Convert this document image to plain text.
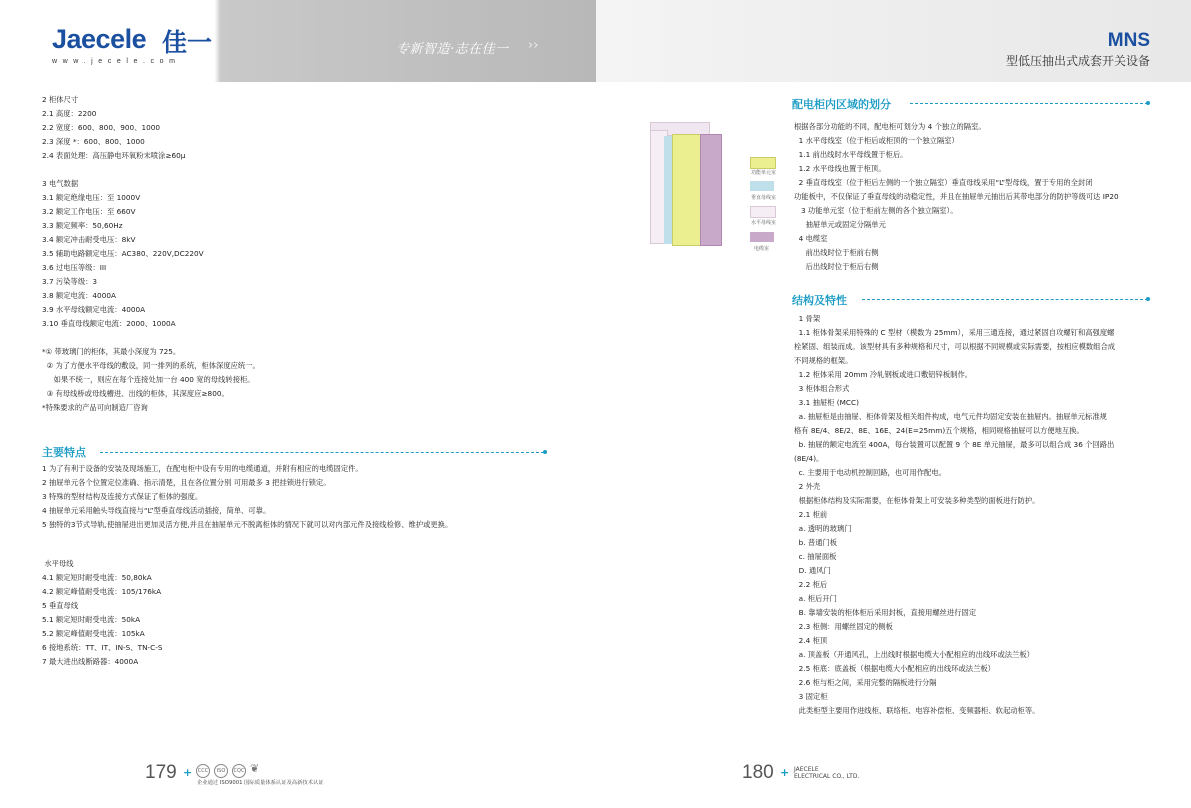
Jaecele 佳一
www.jecele.com
专新智造·志在佳一 ››	MNS
型低压抽出式成套开关设备
2 柜体尺寸
2.1 高度：2200
2.2 宽度：600、800、900、1000
2.3 深度 *：600、800、1000
2.4 表面处理：高压静电环氧粉末喷涂≥60μ
3 电气数据
3.1 额定绝缘电压：至 1000V
3.2 额定工作电压：至 660V
3.3 额定频率：50,60Hz
3.4 额定冲击耐受电压：8kV
3.5 辅助电路额定电压：AC380、220V,DC220V
3.6 过电压等级：III
3.7 污染等级：3
3.8 额定电流：4000A
3.9 水平母线额定电流：4000A
3.10 垂直母线额定电流：2000、1000A
*① 带玻璃门的柜体，其最小深度为 725。
② 为了方便水平母线的敷设，同一排列的系统，柜体深度应统一。
如果不统一，则应在每个连接处加一台 400 宽的母线转接柜。
③ 有母线桥或母线槽进、出线的柜体，其深度应≥800。
*特殊要求的产品可向制造厂咨询
主要特点
1 为了有利于设备的安装及现场施工，在配电柜中设有专用的电缆通道，并附有相应的电缆固定件。
2 抽屉单元各个位置定位准确、指示清楚，且在各位置分别 可用最多 3 把挂锁进行锁定。
3 特殊的型材结构及连接方式保证了柜体的强度。
4 抽屉单元采用触头导线直接与“L”型垂直母线活动插接，简单、可靠。
5 独特的3节式导轨,使抽屉进出更加灵活方便,并且在抽屉单元不脱离柜体的情况下就可以对内部元件及接线检修、维护或更换。
水平母线
4.1 额定短时耐受电流：50,80kA
4.2 额定峰值耐受电流：105/176kA
5 垂直母线
5.1 额定短时耐受电流：50kA
5.2 额定峰值耐受电流：105kA
6 接地系统：TT、IT、IN-S、TN-C-S
7 最大进出线断路器：4000A
功能单元室
垂直母线室
水平母线室
电缆室
配电柜内区域的划分
根据各部分功能的不同，配电柜可划分为 4 个独立的隔室。
1 水平母线室（位于柜后或柜顶的一个独立隔室）
1.1 前出线时水平母线置于柜后。
1.2 水平母线也置于柜顶。
2 垂直母线室（位于柜后左侧的一个独立隔室）垂直母线采用“L”型母线，置于专用的全封闭
功能板中，不仅保证了垂直母线的动稳定性，并且在抽屉单元抽出后其带电部分的防护等级可达 IP20
3 功能单元室（位于柜前左侧的各个独立隔室）。
抽屉单元或固定分隔单元
4 电缆室
前出线时位于柜前右侧
后出线时位于柜后右侧
结构及特性
1 骨架
1.1 柜体骨架采用特殊的 C 型材（模数为 25mm），采用三通连接，通过紧固自攻螺钉和高强度螺
栓紧固、组装而成。该型材具有多种规格和尺寸，可以根据不同规模或实际需要，按相应模数组合成
不同规格的框架。
1.2 柜体采用 20mm 冷轧钢板或进口敷铝锌板制作。
3 柜体组合形式
3.1 抽屉柜 (MCC)
a. 抽屉柜是由抽屉、柜体骨架及相关组件构成，电气元件均固定安装在抽屉内。抽屉单元标准规
格有 8E/4、8E/2、8E、16E、24(E=25mm)五个规格，相同规格抽屉可以方便地互换。
b. 抽屉的额定电流至 400A，每台装置可以配置 9 个 8E 单元抽屉，最多可以组合成 36 个回路出
(8E/4)。
c. 主要用于电动机控制回路，也可用作配电。
2 外壳
根据柜体结构及实际需要，在柜体骨架上可安装多种类型的面板进行防护。
2.1 柜前
a. 透明的玻璃门
b. 普通门板
c. 抽屉面板
D. 通风门
2.2 柜后
a. 柜后开门
B. 靠墙安装的柜体柜后采用封板，直接用螺丝进行固定
2.3 柜侧：用螺丝固定的侧板
2.4 柜顶
a. 顶盖板（开通风孔，上出线时根据电缆大小配相应的出线环或法兰板）
2.5 柜底：底盖板（根据电缆大小配相应的出线环或法兰板）
2.6 柜与柜之间，采用完整的隔板进行分隔
3 固定柜
此类柜型主要用作进线柜、联络柜、电容补偿柜、变频器柜、软起动柜等。
179 +	CCC	ISO	CQC ❦
企业通过 ISO9001 国际质量体系认证及高新技术认证	180 + JAECELE
ELECTRICAL CO., LTD.
